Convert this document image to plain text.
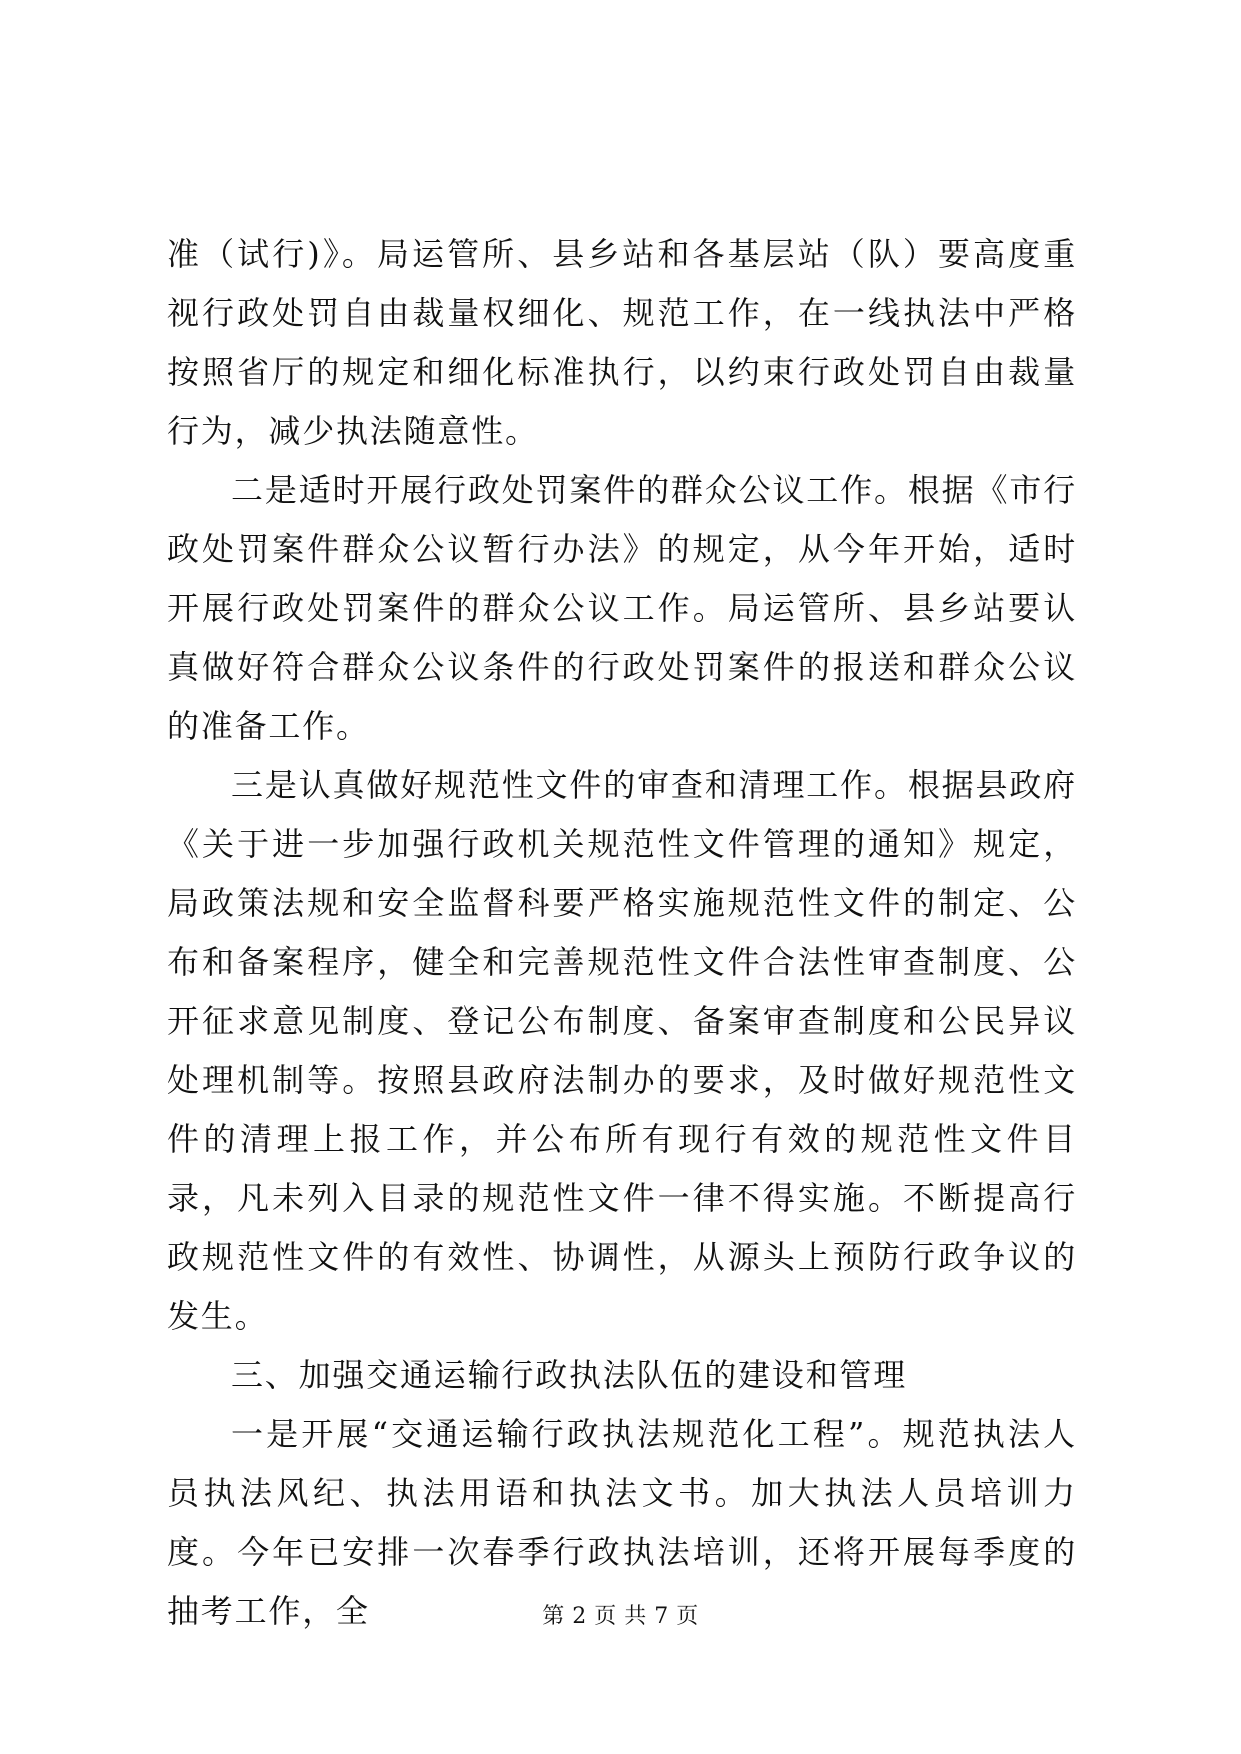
准（试行)》。局运管所、县乡站和各基层站（队）要高度重视行政处罚自由裁量权细化、规范工作，在一线执法中严格按照省厅的规定和细化标准执行，以约束行政处罚自由裁量行为，减少执法随意性。

二是适时开展行政处罚案件的群众公议工作。根据《市行政处罚案件群众公议暂行办法》的规定，从今年开始，适时开展行政处罚案件的群众公议工作。局运管所、县乡站要认真做好符合群众公议条件的行政处罚案件的报送和群众公议的准备工作。

三是认真做好规范性文件的审查和清理工作。根据县政府《关于进一步加强行政机关规范性文件管理的通知》规定，局政策法规和安全监督科要严格实施规范性文件的制定、公布和备案程序，健全和完善规范性文件合法性审查制度、公开征求意见制度、登记公布制度、备案审查制度和公民异议处理机制等。按照县政府法制办的要求，及时做好规范性文件的清理上报工作，并公布所有现行有效的规范性文件目录，凡未列入目录的规范性文件一律不得实施。不断提高行政规范性文件的有效性、协调性，从源头上预防行政争议的发生。

三、加强交通运输行政执法队伍的建设和管理

一是开展“交通运输行政执法规范化工程”。规范执法人员执法风纪、执法用语和执法文书。加大执法人员培训力度。今年已安排一次春季行政执法培训，还将开展每季度的抽考工作，全	第 2 页 共 7 页
